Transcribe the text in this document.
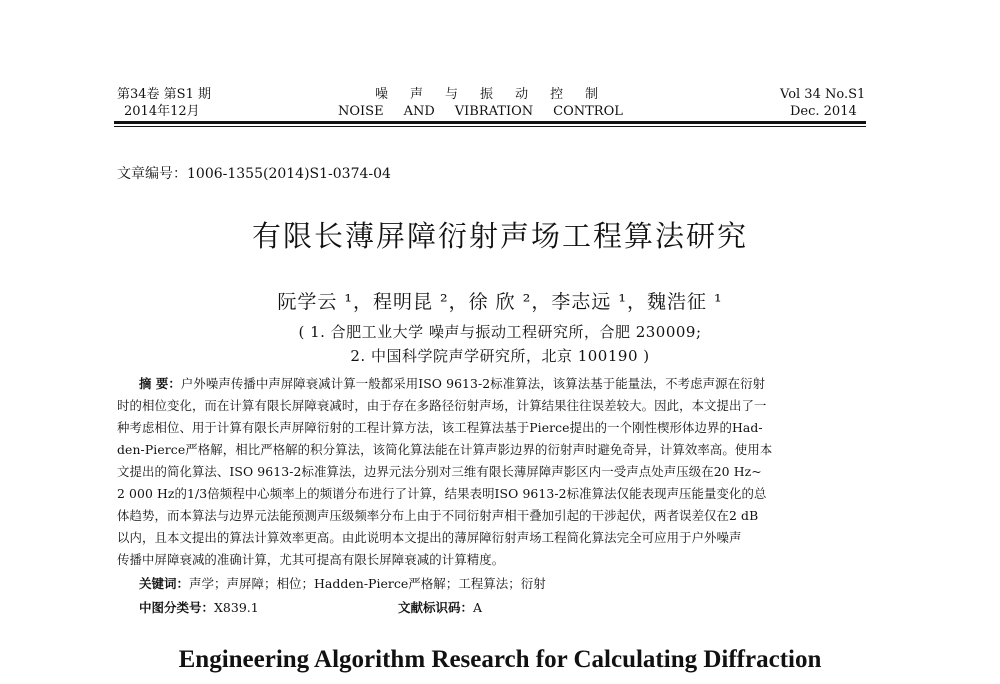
第34卷 第S1 期
2014年12月
噪 声 与 振 动 控 制
NOISE AND VIBRATION CONTROL
Vol 34 No.S1
Dec. 2014
文章编号：1006-1355(2014)S1-0374-04
有限长薄屏障衍射声场工程算法研究
阮学云 ¹，程明昆 ²，徐 欣 ²，李志远 ¹，魏浩征 ¹
( 1. 合肥工业大学 噪声与振动工程研究所，合肥 230009;
2. 中国科学院声学研究所，北京 100190 )
摘 要：户外噪声传播中声屏障衰减计算一般都采用ISO 9613-2标准算法，该算法基于能量法，不考虑声源在衍射
时的相位变化，而在计算有限长屏障衰减时，由于存在多路径衍射声场，计算结果往往误差较大。因此，本文提出了一
种考虑相位、用于计算有限长声屏障衍射的工程计算方法，该工程算法基于Pierce提出的一个刚性楔形体边界的Had-
den-Pierce严格解，相比严格解的积分算法，该简化算法能在计算声影边界的衍射声时避免奇异，计算效率高。使用本
文提出的简化算法、ISO 9613-2标准算法，边界元法分别对三维有限长薄屏障声影区内一受声点处声压级在20 Hz~
2 000 Hz的1/3倍频程中心频率上的频谱分布进行了计算，结果表明ISO 9613-2标准算法仅能表现声压能量变化的总
体趋势，而本算法与边界元法能预测声压级频率分布上由于不同衍射声相干叠加引起的干涉起伏，两者误差仅在2 dB
以内，且本文提出的算法计算效率更高。由此说明本文提出的薄屏障衍射声场工程简化算法完全可应用于户外噪声
传播中屏障衰减的准确计算，尤其可提高有限长屏障衰减的计算精度。
关键词：声学；声屏障；相位；Hadden-Pierce严格解；工程算法；衍射
中图分类号：X839.1	文献标识码：A
Engineering Algorithm Research for Calculating Diffraction
